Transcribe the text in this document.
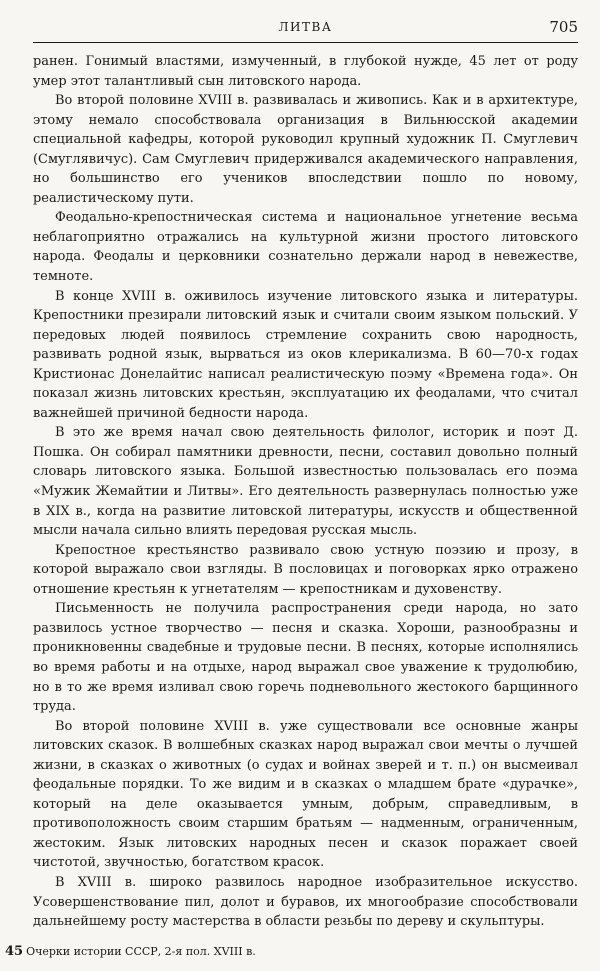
ЛИТВА	705

ранен. Гонимый властями, измученный, в глубокой нужде, 45 лет от роду умер этот талантливый сын литовского народа.

Во второй половине XVIII в. развивалась и живопись. Как и в архитектуре, этому немало способствовала организация в Вильнюсской академии специальной кафедры, которой руководил крупный художник П. Смуглевич (Смуглявичус). Сам Смуглевич придерживался академического направления, но большинство его учеников впоследствии пошло по новому, реалистическому пути.

Феодально-крепостническая система и национальное угнетение весьма неблагоприятно отражались на культурной жизни простого литовского народа. Феодалы и церковники сознательно держали народ в невежестве, темноте.

В конце XVIII в. оживилось изучение литовского языка и литературы. Крепостники презирали литовский язык и считали своим языком польский. У передовых людей появилось стремление сохранить свою народность, развивать родной язык, вырваться из оков клерикализма. В 60—70-х годах Кристионас Донелайтис написал реалистическую поэму «Времена года». Он показал жизнь литовских крестьян, эксплуатацию их феодалами, что считал важнейшей причиной бедности народа.

В это же время начал свою деятельность филолог, историк и поэт Д. Пошка. Он собирал памятники древности, песни, составил довольно полный словарь литовского языка. Большой известностью пользовалась его поэма «Мужик Жемайтии и Литвы». Его деятельность развернулась полностью уже в XIX в., когда на развитие литовской литературы, искусств и общественной мысли начала сильно влиять передовая русская мысль.

Крепостное крестьянство развивало свою устную поэзию и прозу, в которой выражало свои взгляды. В пословицах и поговорках ярко отражено отношение крестьян к угнетателям — крепостникам и духовенству.

Письменность не получила распространения среди народа, но зато развилось устное творчество — песня и сказка. Хороши, разнообразны и проникновенны свадебные и трудовые песни. В песнях, которые исполнялись во время работы и на отдыхе, народ выражал свое уважение к трудолюбию, но в то же время изливал свою горечь подневольного жестокого барщинного труда.

Во второй половине XVIII в. уже существовали все основные жанры литовских сказок. В волшебных сказках народ выражал свои мечты о лучшей жизни, в сказках о животных (о судах и войнах зверей и т. п.) он высмеивал феодальные порядки. То же видим и в сказках о младшем брате «дурачке», который на деле оказывается умным, добрым, справедливым, в противоположность своим старшим братьям — надменным, ограниченным, жестоким. Язык литовских народных песен и сказок поражает своей чистотой, звучностью, богатством красок.

В XVIII в. широко развилось народное изобразительное искусство. Усовершенствование пил, долот и буравов, их многообразие способствовали дальнейшему росту мастерства в области резьбы по дереву и скульптуры.

45 Очерки истории СССР, 2-я пол. XVIII в.
